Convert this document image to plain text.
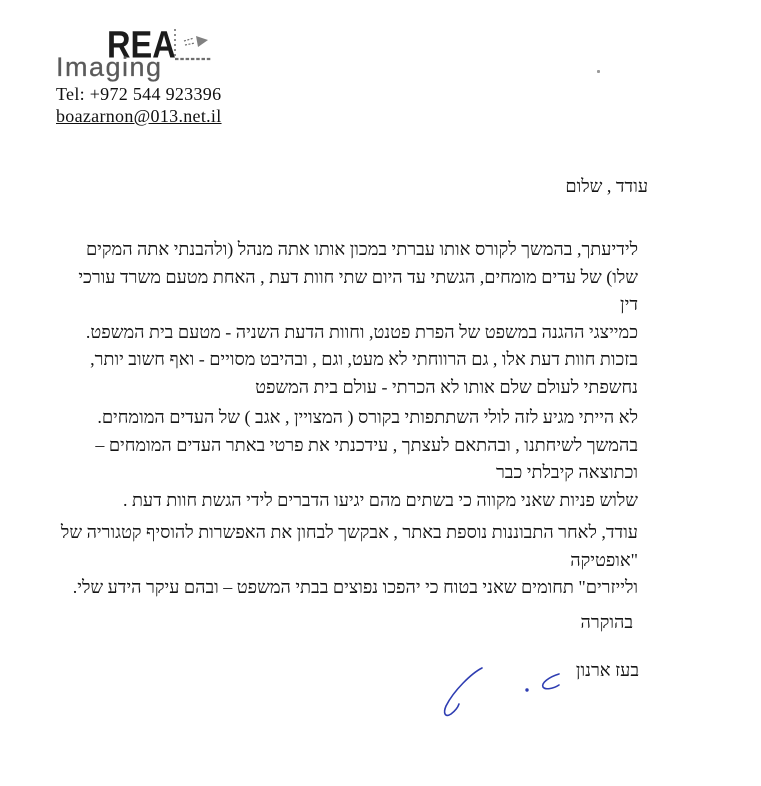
REA
Imaging
Tel: +972 544 923396
boazarnon@013.net.il
עודד , שלום
לידיעתך, בהמשך לקורס אותו עברתי במכון אותו אתה מנהל (ולהבנתי אתה המקים
שלו) של עדים מומחים, הגשתי עד היום שתי חוות דעת , האחת מטעם משרד עורכי דין
כמייצגי ההגנה במשפט של הפרת פטנט, וחוות הדעת השניה - מטעם בית המשפט.
בזכות חוות דעת אלו , גם הרווחתי לא מעט, וגם , ובהיבט מסויים - ואף חשוב יותר,
נחשפתי לעולם שלם אותו לא הכרתי - עולם בית המשפט
לא הייתי מגיע לזה לולי השתתפותי בקורס ( המצויין , אגב ) של העדים המומחים.
בהמשך לשיחתנו , ובהתאם לעצתך , עידכנתי את פרטי באתר העדים המומחים – וכתוצאה קיבלתי כבר
שלוש פניות שאני מקווה כי בשתים מהם יגיעו הדברים לידי הגשת חוות דעת .
עודד, לאחר התבוננות נוספת באתר , אבקשך לבחון את האפשרות להוסיף קטגוריה של "אופטיקה
ולייזרים" תחומים שאני בטוח כי יהפכו נפוצים בבתי המשפט – ובהם עיקר הידע שלי.
בהוקרה
בעז ארנון
